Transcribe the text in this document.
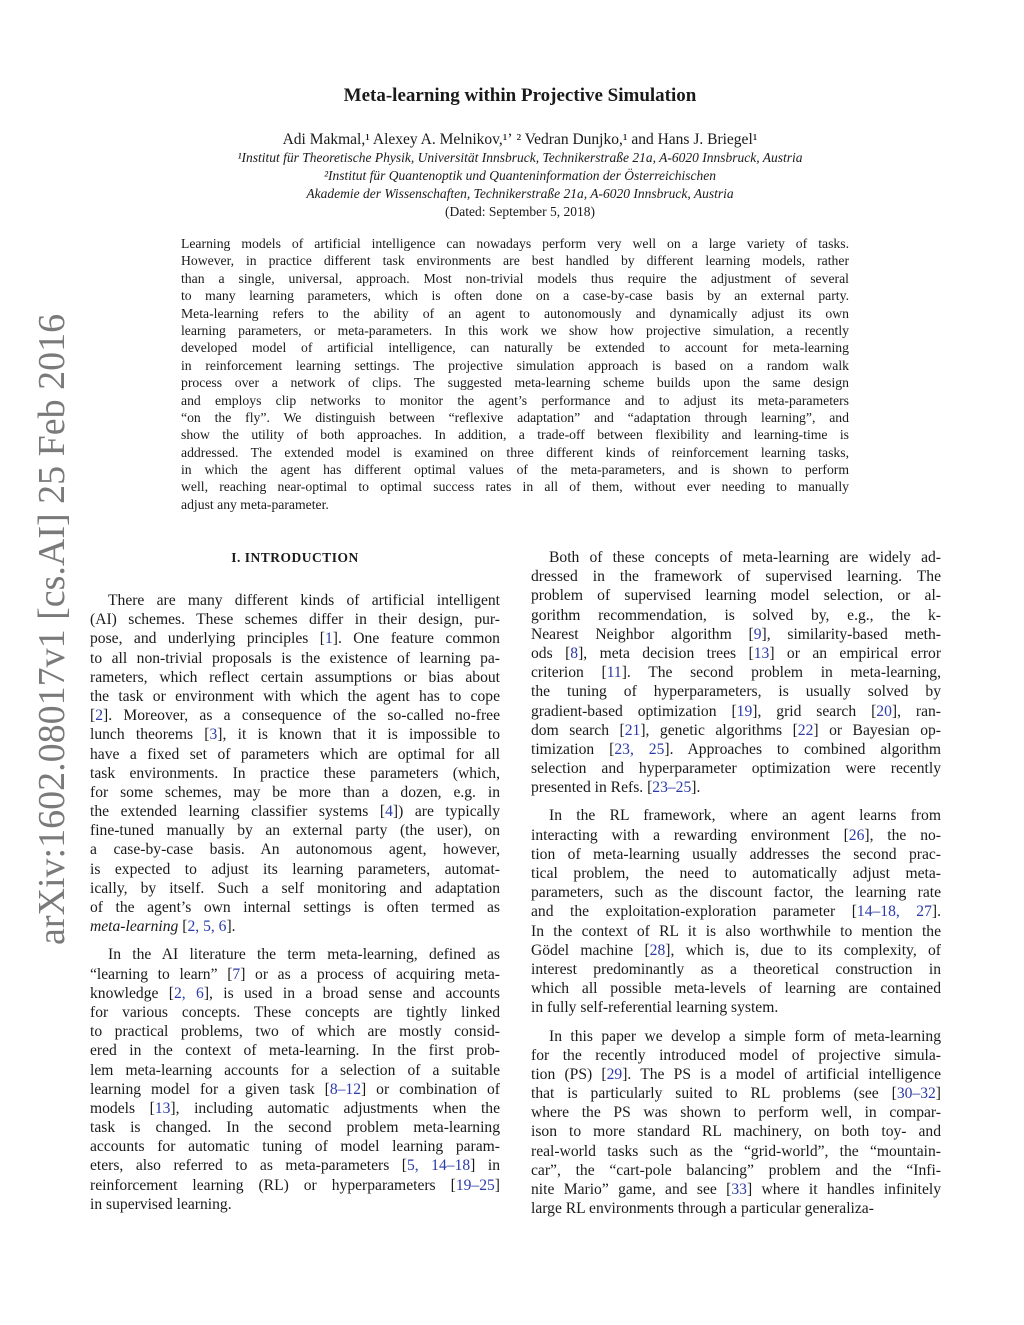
arXiv:1602.08017v1 [cs.AI] 25 Feb 2016
Meta-learning within Projective Simulation
Adi Makmal,¹ Alexey A. Melnikov,¹ʼ ² Vedran Dunjko,¹ and Hans J. Briegel¹
¹Institut für Theoretische Physik, Universität Innsbruck, Technikerstraße 21a, A-6020 Innsbruck, Austria
²Institut für Quantenoptik und Quanteninformation der Österreichischen
Akademie der Wissenschaften, Technikerstraße 21a, A-6020 Innsbruck, Austria
(Dated: September 5, 2018)
Learning models of artificial intelligence can nowadays perform very well on a large variety of tasks.
However, in practice different task environments are best handled by different learning models, rather
than a single, universal, approach. Most non-trivial models thus require the adjustment of several
to many learning parameters, which is often done on a case-by-case basis by an external party.
Meta-learning refers to the ability of an agent to autonomously and dynamically adjust its own
learning parameters, or meta-parameters. In this work we show how projective simulation, a recently
developed model of artificial intelligence, can naturally be extended to account for meta-learning
in reinforcement learning settings. The projective simulation approach is based on a random walk
process over a network of clips. The suggested meta-learning scheme builds upon the same design
and employs clip networks to monitor the agent’s performance and to adjust its meta-parameters
“on the fly”. We distinguish between “reflexive adaptation” and “adaptation through learning”, and
show the utility of both approaches. In addition, a trade-off between flexibility and learning-time is
addressed. The extended model is examined on three different kinds of reinforcement learning tasks,
in which the agent has different optimal values of the meta-parameters, and is shown to perform
well, reaching near-optimal to optimal success rates in all of them, without ever needing to manually
adjust any meta-parameter.
I. INTRODUCTION
There are many different kinds of artificial intelligent
(AI) schemes. These schemes differ in their design, pur-
pose, and underlying principles [1]. One feature common
to all non-trivial proposals is the existence of learning pa-
rameters, which reflect certain assumptions or bias about
the task or environment with which the agent has to cope
[2]. Moreover, as a consequence of the so-called no-free
lunch theorems [3], it is known that it is impossible to
have a fixed set of parameters which are optimal for all
task environments. In practice these parameters (which,
for some schemes, may be more than a dozen, e.g. in
the extended learning classifier systems [4]) are typically
fine-tuned manually by an external party (the user), on
a case-by-case basis. An autonomous agent, however,
is expected to adjust its learning parameters, automat-
ically, by itself. Such a self monitoring and adaptation
of the agent’s own internal settings is often termed as
meta-learning [2, 5, 6].
In the AI literature the term meta-learning, defined as
“learning to learn” [7] or as a process of acquiring meta-
knowledge [2, 6], is used in a broad sense and accounts
for various concepts. These concepts are tightly linked
to practical problems, two of which are mostly consid-
ered in the context of meta-learning. In the first prob-
lem meta-learning accounts for a selection of a suitable
learning model for a given task [8–12] or combination of
models [13], including automatic adjustments when the
task is changed. In the second problem meta-learning
accounts for automatic tuning of model learning param-
eters, also referred to as meta-parameters [5, 14–18] in
reinforcement learning (RL) or hyperparameters [19–25]
in supervised learning.
Both of these concepts of meta-learning are widely ad-
dressed in the framework of supervised learning. The
problem of supervised learning model selection, or al-
gorithm recommendation, is solved by, e.g., the k-
Nearest Neighbor algorithm [9], similarity-based meth-
ods [8], meta decision trees [13] or an empirical error
criterion [11]. The second problem in meta-learning,
the tuning of hyperparameters, is usually solved by
gradient-based optimization [19], grid search [20], ran-
dom search [21], genetic algorithms [22] or Bayesian op-
timization [23, 25]. Approaches to combined algorithm
selection and hyperparameter optimization were recently
presented in Refs. [23–25].
In the RL framework, where an agent learns from
interacting with a rewarding environment [26], the no-
tion of meta-learning usually addresses the second prac-
tical problem, the need to automatically adjust meta-
parameters, such as the discount factor, the learning rate
and the exploitation-exploration parameter [14–18, 27].
In the context of RL it is also worthwhile to mention the
Gödel machine [28], which is, due to its complexity, of
interest predominantly as a theoretical construction in
which all possible meta-levels of learning are contained
in fully self-referential learning system.
In this paper we develop a simple form of meta-learning
for the recently introduced model of projective simula-
tion (PS) [29]. The PS is a model of artificial intelligence
that is particularly suited to RL problems (see [30–32]
where the PS was shown to perform well, in compar-
ison to more standard RL machinery, on both toy- and
real-world tasks such as the “grid-world”, the “mountain-
car”, the “cart-pole balancing” problem and the “Infi-
nite Mario” game, and see [33] where it handles infinitely
large RL environments through a particular generaliza-
